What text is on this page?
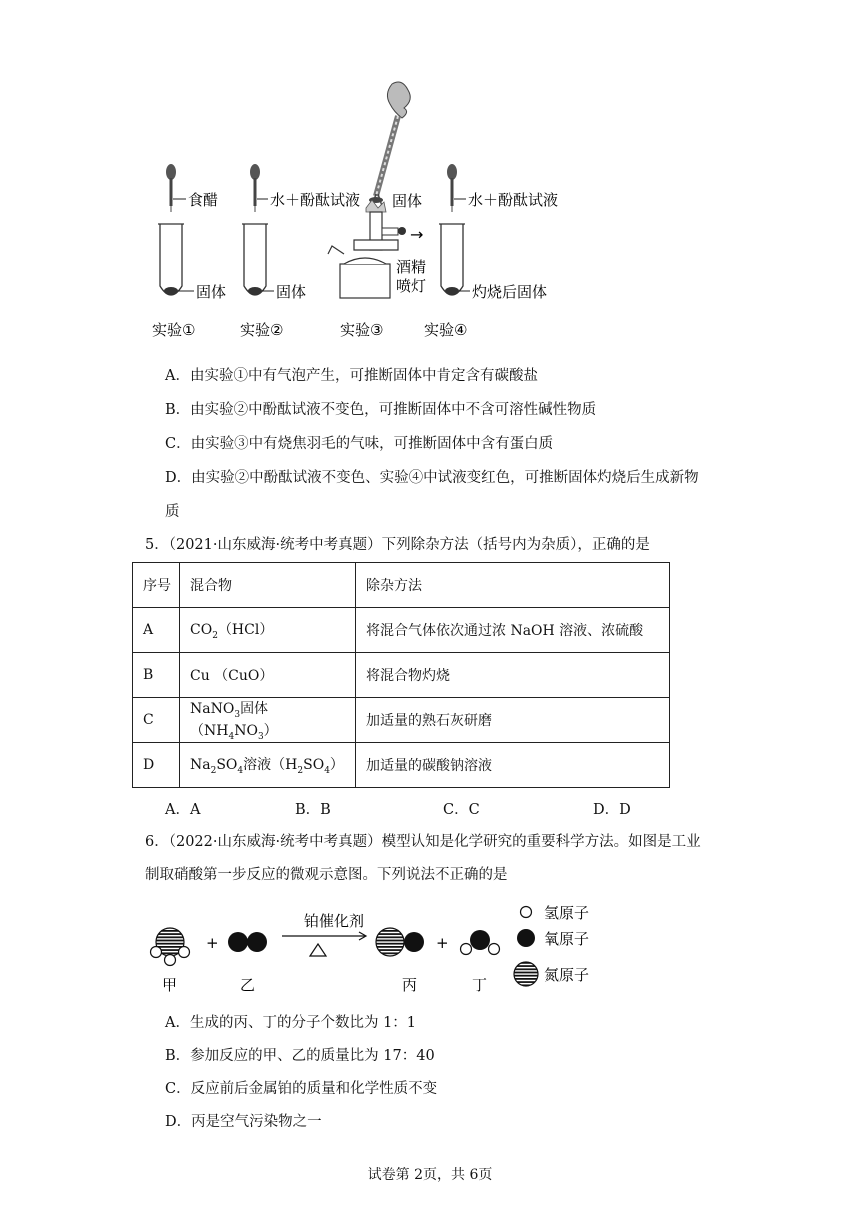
食醋
固体
实验①
水＋酚酞试液
固体
实验②
固体
→
酒精
喷灯
实验③
水＋酚酞试液
灼烧后固体
实验④
A．由实验①中有气泡产生，可推断固体中肯定含有碳酸盐
B．由实验②中酚酞试液不变色，可推断固体中不含可溶性碱性物质
C．由实验③中有烧焦羽毛的气味，可推断固体中含有蛋白质
D．由实验②中酚酞试液不变色、实验④中试液变红色，可推断固体灼烧后生成新物
质
5．（2021·山东威海·统考中考真题）下列除杂方法（括号内为杂质），正确的是
序号	混合物	除杂方法
A	$CO_2(HCl)$	将混合气体依次通过浓 NaOH 溶液、浓硫酸
B	Cu （CuO）	将混合物灼烧
C	NaNO$_3$固体$(NH_4NO_3)$	加适量的熟石灰研磨
D	$Na_2SO_4$溶液$(H_2SO_4)$	加适量的碳酸钠溶液
A．A	B．B	C．C	D．D
6．（2022·山东威海·统考中考真题）模型认知是化学研究的重要科学方法。如图是工业
制取硝酸第一步反应的微观示意图。下列说法不正确的是
+
铂催化剂
+
甲	乙	丙	丁
氢原子
氧原子
氮原子
A．生成的丙、丁的分子个数比为 1：1
B．参加反应的甲、乙的质量比为 17：40
C．反应前后金属铂的质量和化学性质不变
D．丙是空气污染物之一
试卷第 2页，共 6页
